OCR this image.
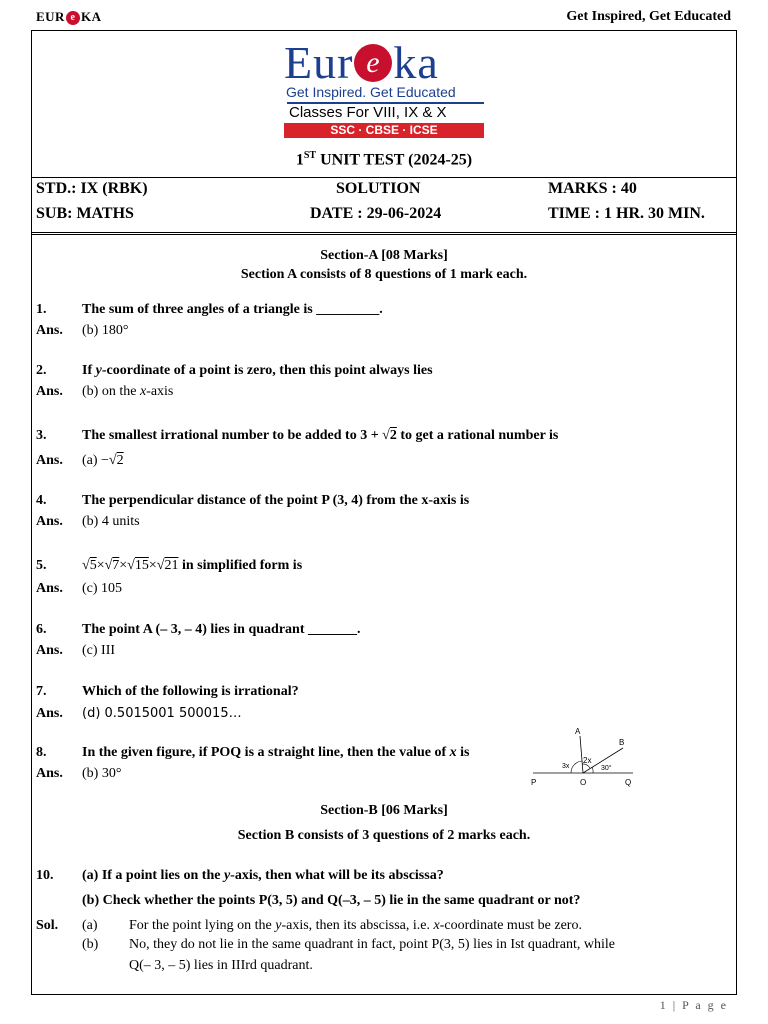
EUR e KA	Get Inspired, Get Educated
Eur e ka
Get Inspired. Get Educated
Classes For VIII, IX & X
SSC · CBSE · ICSE
1ST UNIT TEST (2024-25)
STD.: IX (RBK)	SOLUTION	MARKS : 40
SUB: MATHS	DATE : 29-06-2024	TIME : 1 HR. 30 MIN.
Section-A [08 Marks]
Section A consists of 8 questions of 1 mark each.
1.	The sum of three angles of a triangle is _________.
Ans. (b) 180°
2.	If y-coordinate of a point is zero, then this point always lies
Ans. (b) on the x-axis
3.	The smallest irrational number to be added to 3 + √2 to get a rational number is
Ans. (a) −√2
4.	The perpendicular distance of the point P (3, 4) from the x-axis is
Ans. (b) 4 units
5.	√5×√7×√15×√21 in simplified form is
Ans. (c) 105
6.	The point A (– 3, – 4) lies in quadrant _______.
Ans. (c) III
7.	Which of the following is irrational?
Ans. (d) 0.5015001 500015…
8.	In the given figure, if POQ is a straight line, then the value of x is
Ans. (b) 30°
A
B
P	O	Q
3x
2x
30°
Section-B [06 Marks]
Section B consists of 3 questions of 2 marks each.
10. (a) If a point lies on the y-axis, then what will be its abscissa?
(b) Check whether the points P(3, 5) and Q(–3, – 5) lie in the same quadrant or not?
Sol. (a) For the point lying on the y-axis, then its abscissa, i.e. x-coordinate must be zero.
(b) No, they do not lie in the same quadrant in fact, point P(3, 5) lies in Ist quadrant, while
Q(– 3, – 5) lies in IIIrd quadrant.
1 | P a g e
